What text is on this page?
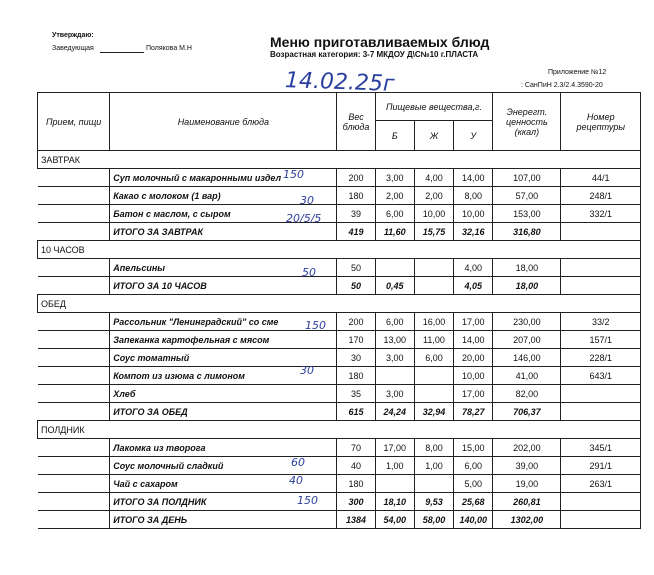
Утверждаю:
Заведующая	Полякова М.Н	Меню приготавливаемых блюд
Возрастная категория: 3-7 МКДОУ Д\С№10 г.ПЛАСТА
Приложение №12
: СанПиН 2.3/2.4.3590-20
14.02.25г
Прием, пищи	Наименование блюда	Вес блюда	Пищевые вещества,г.			Энерегт. ценность (ккал)	Номер рецептуры

			Б	Ж	У		
ЗАВТРАК							
	Суп молочный с макаронными издел	200	3,00	4,00	14,00	107,00	44/1
	Какао с молоком (1 вар)	180	2,00	2,00	8,00	57,00	248/1
	Батон с маслом, с сыром	39	6,00	10,00	10,00	153,00	332/1
	ИТОГО ЗА ЗАВТРАК	419	11,60	15,75	32,16	316,80	
10 ЧАСОВ							
	Апельсины	50			4,00	18,00	
	ИТОГО ЗА 10 ЧАСОВ	50	0,45		4,05	18,00	
ОБЕД							
	Рассольник "Ленинградский" со сме	200	6,00	16,00	17,00	230,00	33/2
	Запеканка картофельная с мясом	170	13,00	11,00	14,00	207,00	157/1
	Соус томатный	30	3,00	6,00	20,00	146,00	228/1
	Компот из изюма с лимоном	180			10,00	41,00	643/1
	Хлеб	35	3,00		17,00	82,00	
	ИТОГО ЗА ОБЕД	615	24,24	32,94	78,27	706,37	
ПОЛДНИК							
	Лакомка из творога	70	17,00	8,00	15,00	202,00	345/1
	Соус молочный сладкий	40	1,00	1,00	6,00	39,00	291/1
	Чай с сахаром	180			5,00	19,00	263/1
	ИТОГО ЗА ПОЛДНИК	300	18,10	9,53	25,68	260,81	
	ИТОГО ЗА ДЕНЬ	1384	54,00	58,00	140,00	1302,00	
150
30
20/5/5
50
150
30
60
40
150
